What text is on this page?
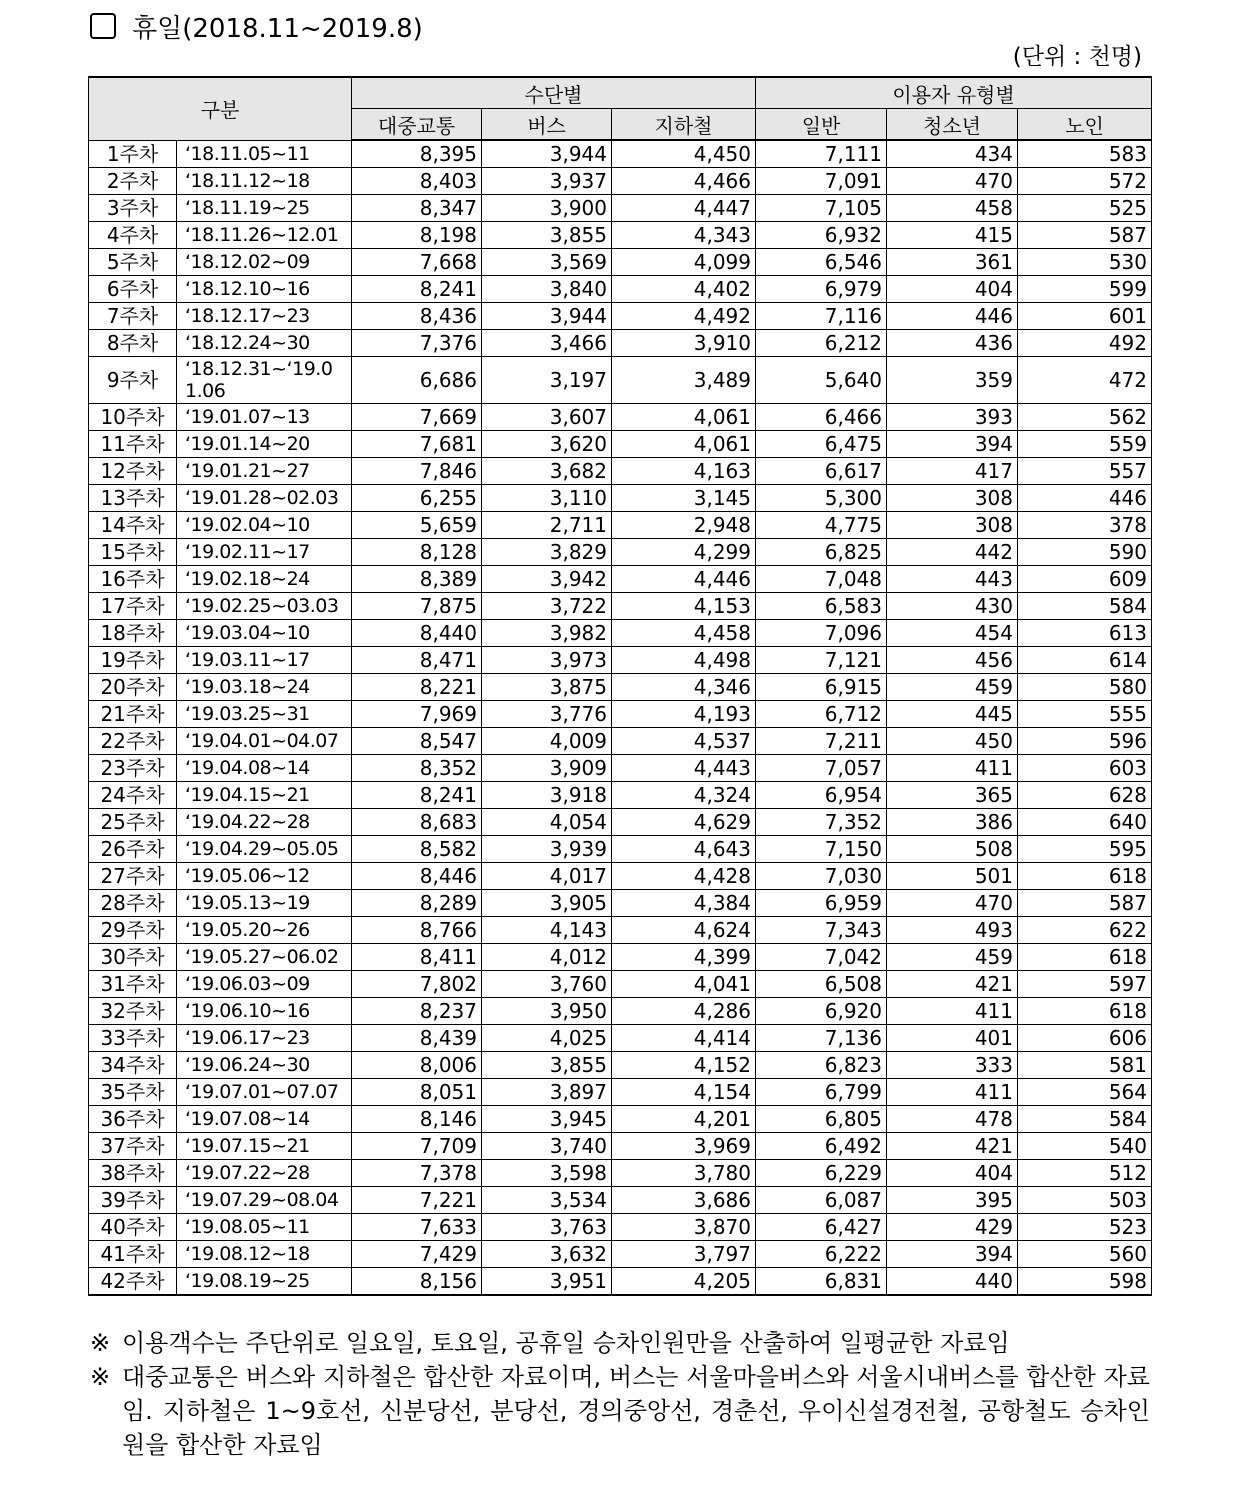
휴일(2018.11~2019.8)
(단위 : 천명)
구분		수단별			이용자 유형별		
		대중교통	버스	지하철	일반	청소년	노인
1주차	‘18.11.05~11	8,395	3,944	4,450	7,111	434	583
2주차	‘18.11.12~18	8,403	3,937	4,466	7,091	470	572
3주차	‘18.11.19~25	8,347	3,900	4,447	7,105	458	525
4주차	‘18.11.26~12.01	8,198	3,855	4,343	6,932	415	587
5주차	‘18.12.02~09	7,668	3,569	4,099	6,546	361	530
6주차	‘18.12.10~16	8,241	3,840	4,402	6,979	404	599
7주차	‘18.12.17~23	8,436	3,944	4,492	7,116	446	601
8주차	‘18.12.24~30	7,376	3,466	3,910	6,212	436	492
9주차	‘18.12.31~‘19.01.06	6,686	3,197	3,489	5,640	359	472
10주차	‘19.01.07~13	7,669	3,607	4,061	6,466	393	562
11주차	‘19.01.14~20	7,681	3,620	4,061	6,475	394	559
12주차	‘19.01.21~27	7,846	3,682	4,163	6,617	417	557
13주차	‘19.01.28~02.03	6,255	3,110	3,145	5,300	308	446
14주차	‘19.02.04~10	5,659	2,711	2,948	4,775	308	378
15주차	‘19.02.11~17	8,128	3,829	4,299	6,825	442	590
16주차	‘19.02.18~24	8,389	3,942	4,446	7,048	443	609
17주차	‘19.02.25~03.03	7,875	3,722	4,153	6,583	430	584
18주차	‘19.03.04~10	8,440	3,982	4,458	7,096	454	613
19주차	‘19.03.11~17	8,471	3,973	4,498	7,121	456	614
20주차	‘19.03.18~24	8,221	3,875	4,346	6,915	459	580
21주차	‘19.03.25~31	7,969	3,776	4,193	6,712	445	555
22주차	‘19.04.01~04.07	8,547	4,009	4,537	7,211	450	596
23주차	‘19.04.08~14	8,352	3,909	4,443	7,057	411	603
24주차	‘19.04.15~21	8,241	3,918	4,324	6,954	365	628
25주차	‘19.04.22~28	8,683	4,054	4,629	7,352	386	640
26주차	‘19.04.29~05.05	8,582	3,939	4,643	7,150	508	595
27주차	‘19.05.06~12	8,446	4,017	4,428	7,030	501	618
28주차	‘19.05.13~19	8,289	3,905	4,384	6,959	470	587
29주차	‘19.05.20~26	8,766	4,143	4,624	7,343	493	622
30주차	‘19.05.27~06.02	8,411	4,012	4,399	7,042	459	618
31주차	‘19.06.03~09	7,802	3,760	4,041	6,508	421	597
32주차	‘19.06.10~16	8,237	3,950	4,286	6,920	411	618
33주차	‘19.06.17~23	8,439	4,025	4,414	7,136	401	606
34주차	‘19.06.24~30	8,006	3,855	4,152	6,823	333	581
35주차	‘19.07.01~07.07	8,051	3,897	4,154	6,799	411	564
36주차	‘19.07.08~14	8,146	3,945	4,201	6,805	478	584
37주차	‘19.07.15~21	7,709	3,740	3,969	6,492	421	540
38주차	‘19.07.22~28	7,378	3,598	3,780	6,229	404	512
39주차	‘19.07.29~08.04	7,221	3,534	3,686	6,087	395	503
40주차	‘19.08.05~11	7,633	3,763	3,870	6,427	429	523
41주차	‘19.08.12~18	7,429	3,632	3,797	6,222	394	560
42주차	‘19.08.19~25	8,156	3,951	4,205	6,831	440	598
※ 이용객수는 주단위로 일요일, 토요일, 공휴일 승차인원만을 산출하여 일평균한 자료임
※ 대중교통은 버스와 지하철은 합산한 자료이며, 버스는 서울마을버스와 서울시내버스를 합산한 자료임. 지하철은 1~9호선, 신분당선, 분당선, 경의중앙선, 경춘선, 우이신설경전철, 공항철도 승차인원을 합산한 자료임
